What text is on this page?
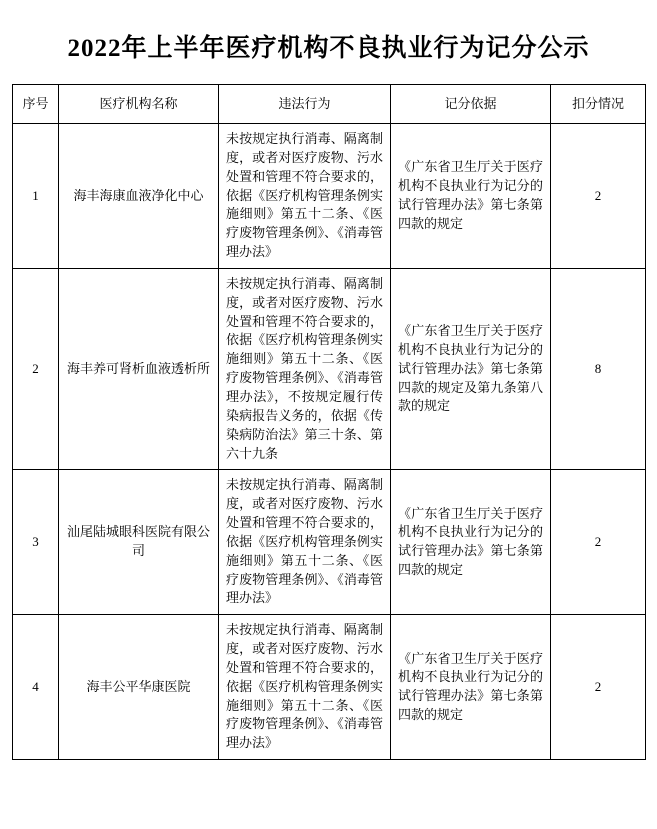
2022年上半年医疗机构不良执业行为记分公示
序号	医疗机构名称	违法行为	记分依据	扣分情况
1	海丰海康血液净化中心	未按规定执行消毒、隔离制度，或者对医疗废物、污水处置和管理不符合要求的，依据《医疗机构管理条例实施细则》第五十二条、《医疗废物管理条例》、《消毒管理办法》	《广东省卫生厅关于医疗机构不良执业行为记分的试行管理办法》第七条第四款的规定	2
2	海丰养可肾析血液透析所	未按规定执行消毒、隔离制度，或者对医疗废物、污水处置和管理不符合要求的，依据《医疗机构管理条例实施细则》第五十二条、《医疗废物管理条例》、《消毒管理办法》，不按规定履行传染病报告义务的，依据《传染病防治法》第三十条、第六十九条	《广东省卫生厅关于医疗机构不良执业行为记分的试行管理办法》第七条第四款的规定及第九条第八款的规定	8
3	汕尾陆城眼科医院有限公司	未按规定执行消毒、隔离制度，或者对医疗废物、污水处置和管理不符合要求的，依据《医疗机构管理条例实施细则》第五十二条、《医疗废物管理条例》、《消毒管理办法》	《广东省卫生厅关于医疗机构不良执业行为记分的试行管理办法》第七条第四款的规定	2
4	海丰公平华康医院	未按规定执行消毒、隔离制度，或者对医疗废物、污水处置和管理不符合要求的，依据《医疗机构管理条例实施细则》第五十二条、《医疗废物管理条例》、《消毒管理办法》	《广东省卫生厅关于医疗机构不良执业行为记分的试行管理办法》第七条第四款的规定	2
